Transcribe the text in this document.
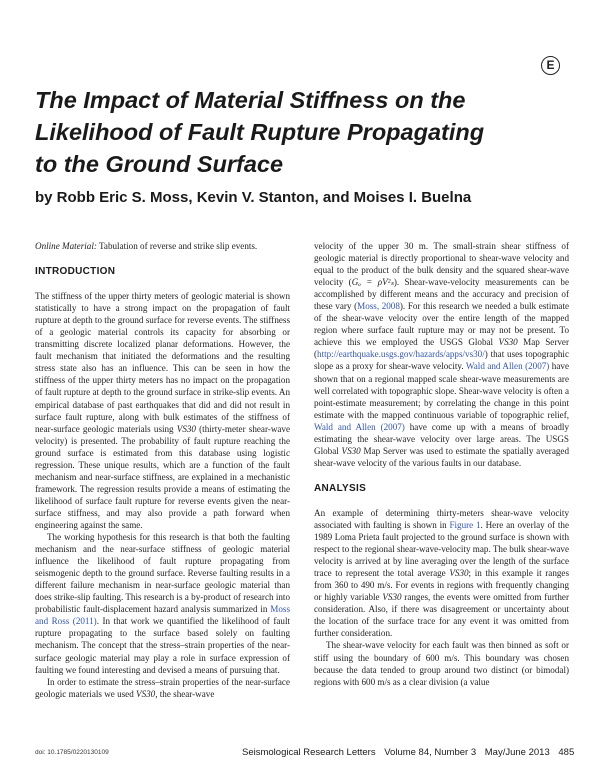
E
The Impact of Material Stiffness on the
Likelihood of Fault Rupture Propagating
to the Ground Surface
by Robb Eric S. Moss, Kevin V. Stanton, and Moises I. Buelna

Online Material: Tabulation of reverse and strike slip events.

INTRODUCTION

The stiffness of the upper thirty meters of geologic material is shown statistically to have a strong impact on the propagation of fault rupture at depth to the ground surface for reverse events. The stiffness of a geologic material controls its capacity for absorbing or transmitting discrete localized planar deformations. However, the fault mechanism that initiated the deformations and the resulting stress state also has an influence. This can be seen in how the stiffness of the upper thirty meters has no impact on the propagation of fault rupture at depth to the ground surface in strike-slip events. An empirical database of past earthquakes that did and did not result in surface fault rupture, along with bulk estimates of the stiffness of near-surface geologic materials using VS30 (thirty-meter shear-wave velocity) is presented. The probability of fault rupture reaching the ground surface is estimated from this database using logistic regression. These unique results, which are a function of the fault mechanism and near-surface stiffness, are explained in a mechanistic framework. The regression results provide a means of estimating the likelihood of surface fault rupture for reverse events given the near-surface stiffness, and may also provide a path forward when engineering against the same.

The working hypothesis for this research is that both the faulting mechanism and the near-surface stiffness of geologic material influence the likelihood of fault rupture propagating from seismogenic depth to the ground surface. Reverse faulting results in a different failure mechanism in near-surface geologic material than does strike-slip faulting. This research is a by-product of research into probabilistic fault-displacement hazard analysis summarized in Moss and Ross (2011). In that work we quantified the likelihood of fault rupture propagating to the surface based solely on faulting mechanism. The concept that the stress–strain properties of the near-surface geologic material may play a role in surface expression of faulting we found interesting and devised a means of pursuing that.

In order to estimate the stress–strain properties of the near-surface geologic materials we used VS30, the shear-wave

velocity of the upper 30 m. The small-strain shear stiffness of geologic material is directly proportional to shear-wave velocity and equal to the product of the bulk density and the squared shear-wave velocity (Gₒ = ρV²ₛ). Shear-wave-velocity measurements can be accomplished by different means and the accuracy and precision of these vary (Moss, 2008). For this research we needed a bulk estimate of the shear-wave velocity over the entire length of the mapped region where surface fault rupture may or may not be present. To achieve this we employed the USGS Global VS30 Map Server (http://earthquake.usgs.gov/hazards/apps/vs30/) that uses topographic slope as a proxy for shear-wave velocity. Wald and Allen (2007) have shown that on a regional mapped scale shear-wave measurements are well correlated with topographic slope. Shear-wave velocity is often a point-estimate measurement; by correlating the change in this point estimate with the mapped continuous variable of topographic relief, Wald and Allen (2007) have come up with a means of broadly estimating the shear-wave velocity over large areas. The USGS Global VS30 Map Server was used to estimate the spatially averaged shear-wave velocity of the various faults in our database.

ANALYSIS

An example of determining thirty-meters shear-wave velocity associated with faulting is shown in Figure 1. Here an overlay of the 1989 Loma Prieta fault projected to the ground surface is shown with respect to the regional shear-wave-velocity map. The bulk shear-wave velocity is arrived at by line averaging over the length of the surface trace to represent the total average VS30; in this example it ranges from 360 to 490 m/s. For events in regions with frequently changing or highly variable VS30 ranges, the events were omitted from further consideration. Also, if there was disagreement or uncertainty about the location of the surface trace for any event it was omitted from further consideration.

The shear-wave velocity for each fault was then binned as soft or stiff using the boundary of 600 m/s. This boundary was chosen because the data tended to group around two distinct (or bimodal) regions with 600 m/s as a clear division (a value

doi: 10.1785/0220130109	Seismological Research Letters Volume 84, Number 3 May/June 2013 485
